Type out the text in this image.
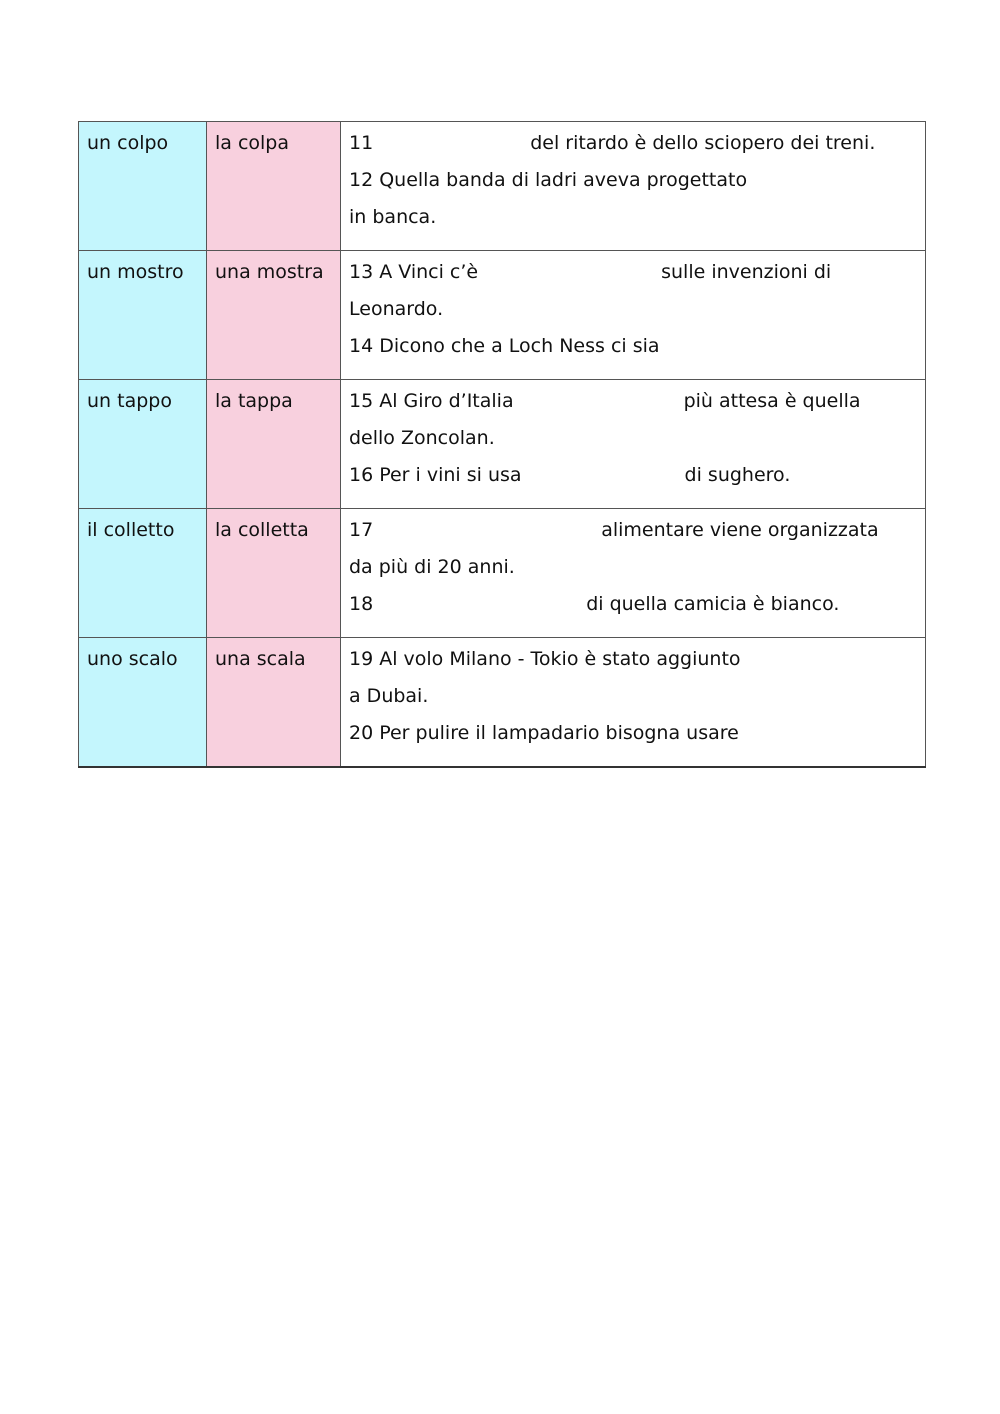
un colpo	la colpa	11 del ritardo è dello sciopero dei treni.
12 Quella banda di ladri aveva progettato
in banca.

un mostro	una mostra	13 A Vinci c’è sulle invenzioni di
Leonardo.
14 Dicono che a Loch Ness ci sia

un tappo	la tappa	15 Al Giro d’Italia più attesa è quella
dello Zoncolan.
16 Per i vini si usa di sughero.

il colletto	la colletta	17 alimentare viene organizzata
da più di 20 anni.
18 di quella camicia è bianco.

uno scalo	una scala	19 Al volo Milano - Tokio è stato aggiunto
a Dubai.
20 Per pulire il lampadario bisogna usare
